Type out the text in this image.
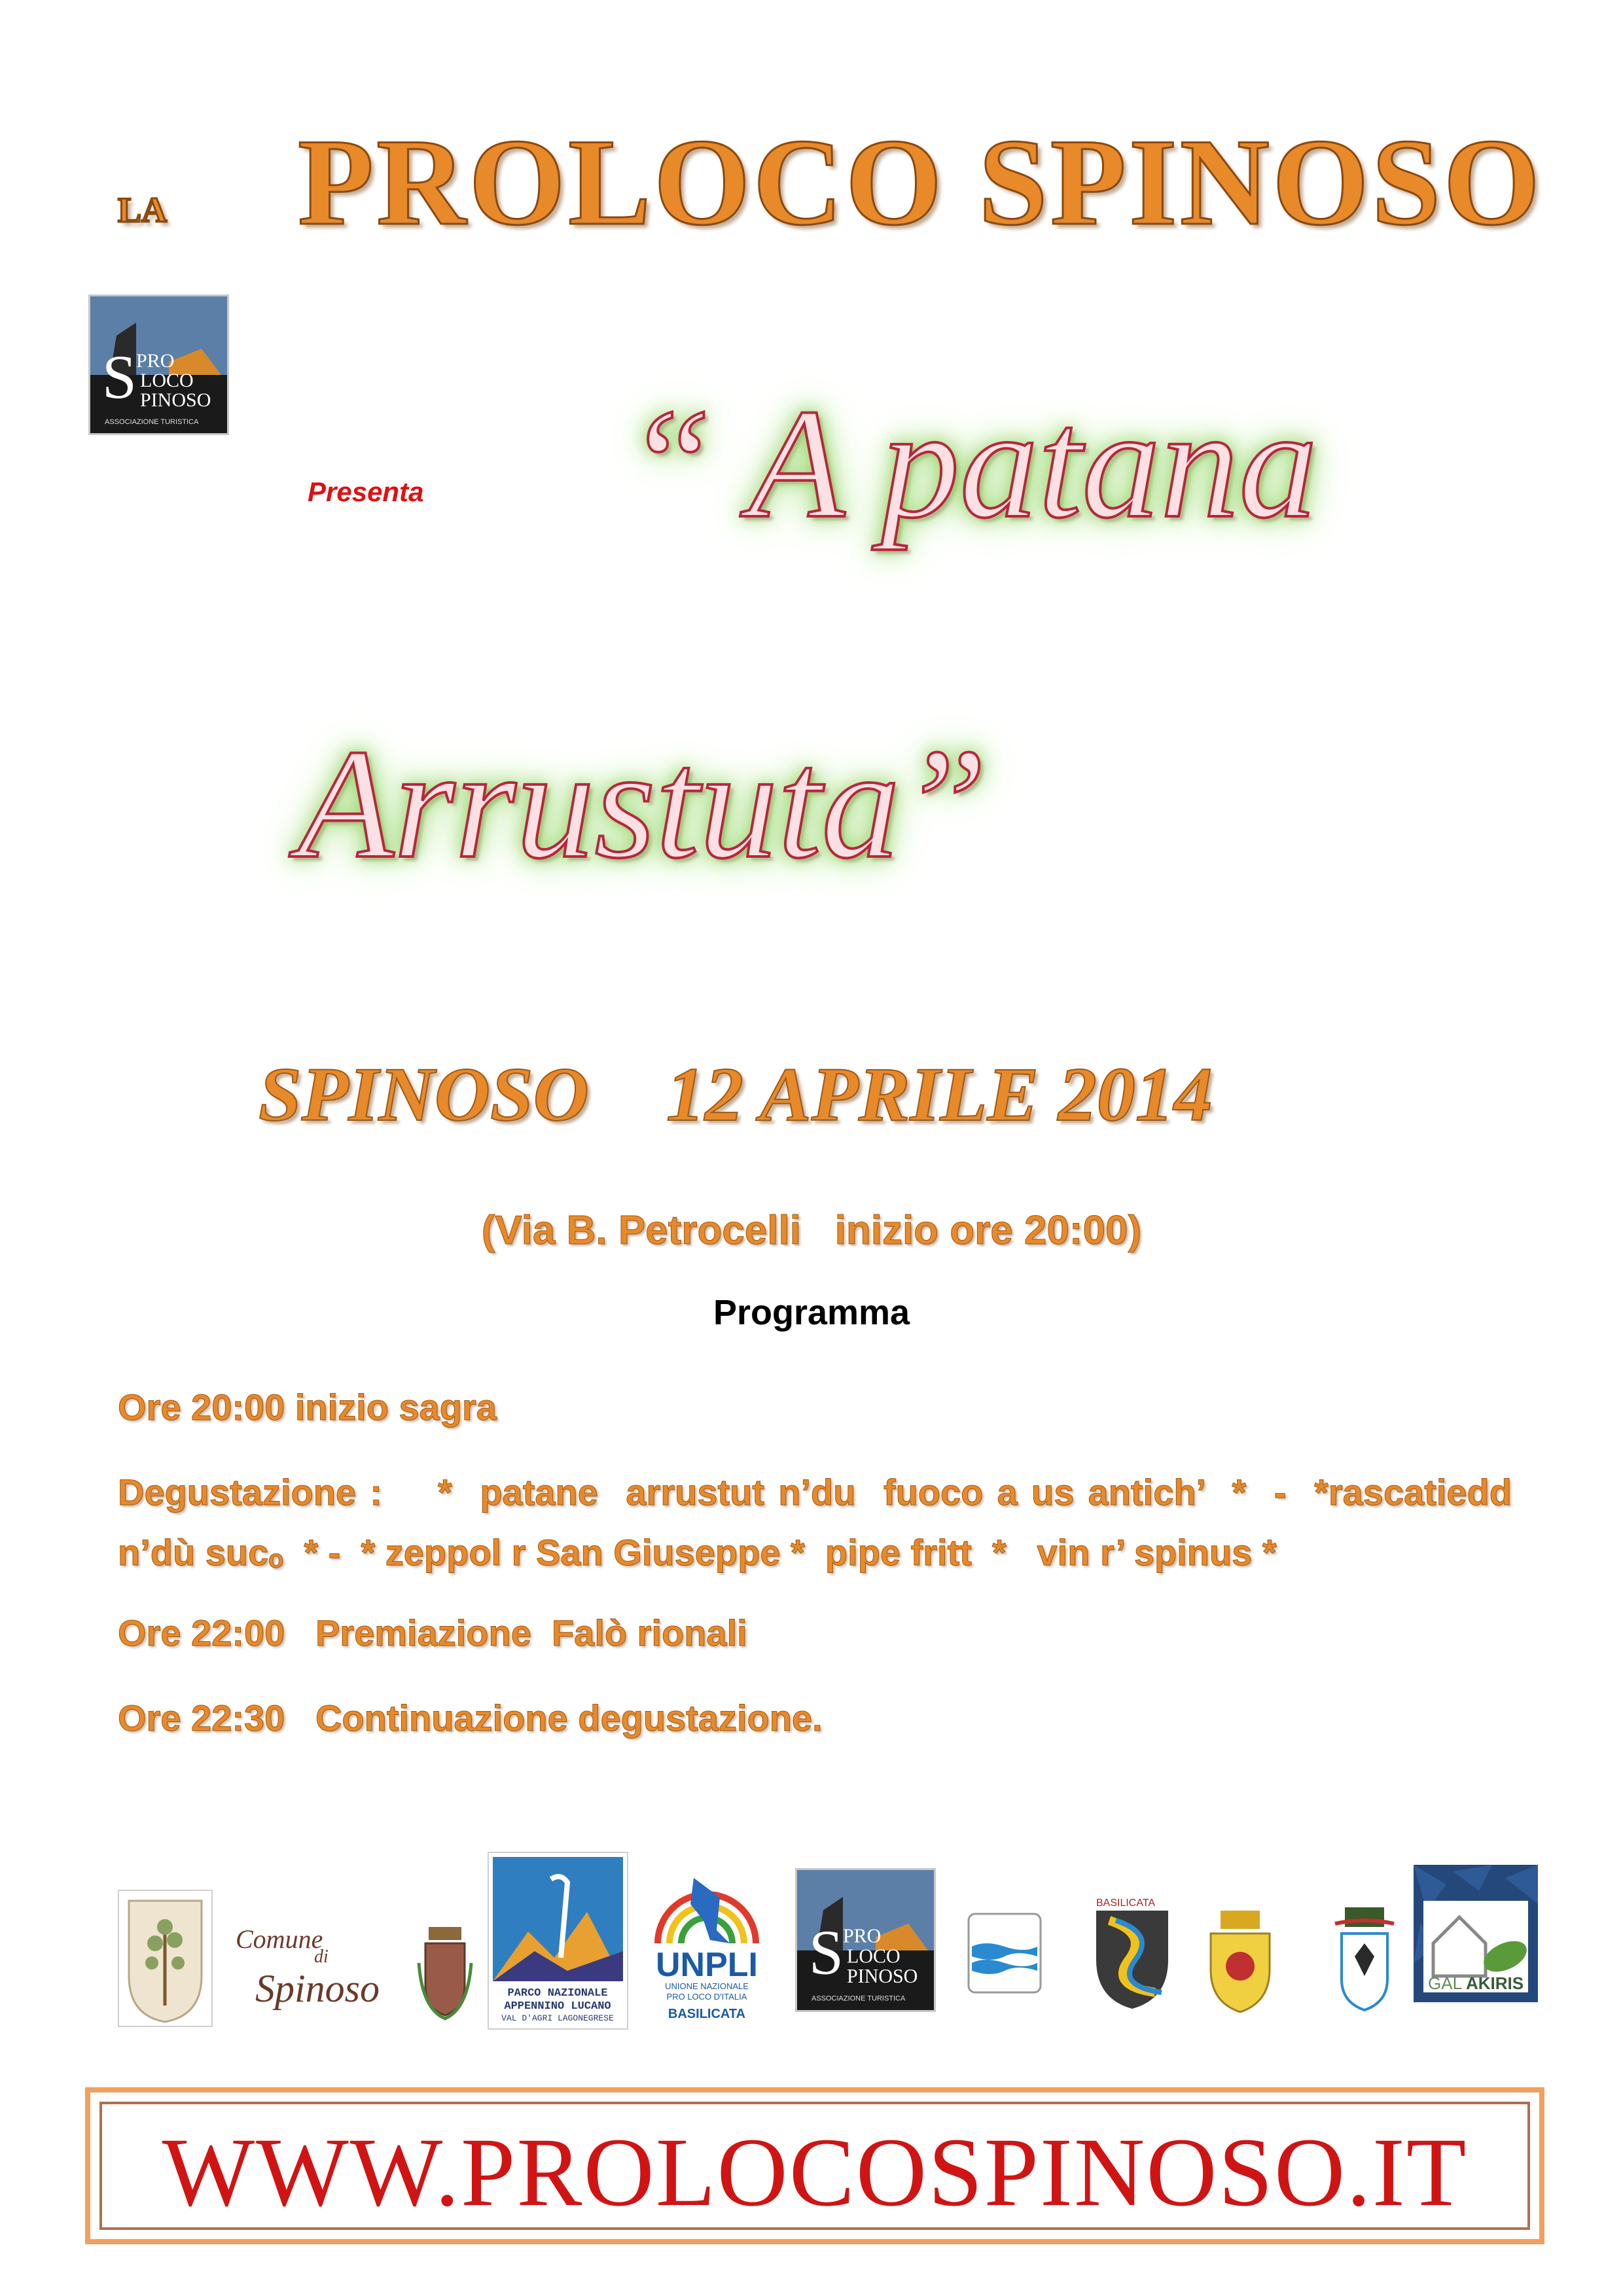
LA PROLOCO SPINOSO
S PRO
LOCO
PINOSO
ASSOCIAZIONE TURISTICA
Presenta “ A patana
Arrustuta”
SPINOSO    12 APRILE 2014
(Via B. Petrocelli   inizio ore 20:00)
Programma
Ore 20:00 inizio sagra
Degustazione :    *  patane  arrustut n’du  fuoco a us antich’  *  -  *rascatiedd   n’dù sucₒ  * -  * zeppol r San Giuseppe *  pipe fritt  *   vin r’ spinus *
Ore 22:00   Premiazione  Falò rionali
Ore 22:30   Continuazione degustazione.
Comune
di
Spinoso	PARCO NAZIONALE
APPENNINO LUCANO
VAL D'AGRI LAGONEGRESE
UNPLI
UNIONE NAZIONALE
PRO LOCO D'ITALIA
BASILICATA
S PRO
LOCO
PINOSO
ASSOCIAZIONE TURISTICA
BASILICATA
GAL AKIRIS
WWW.PROLOCOSPINOSO.IT
